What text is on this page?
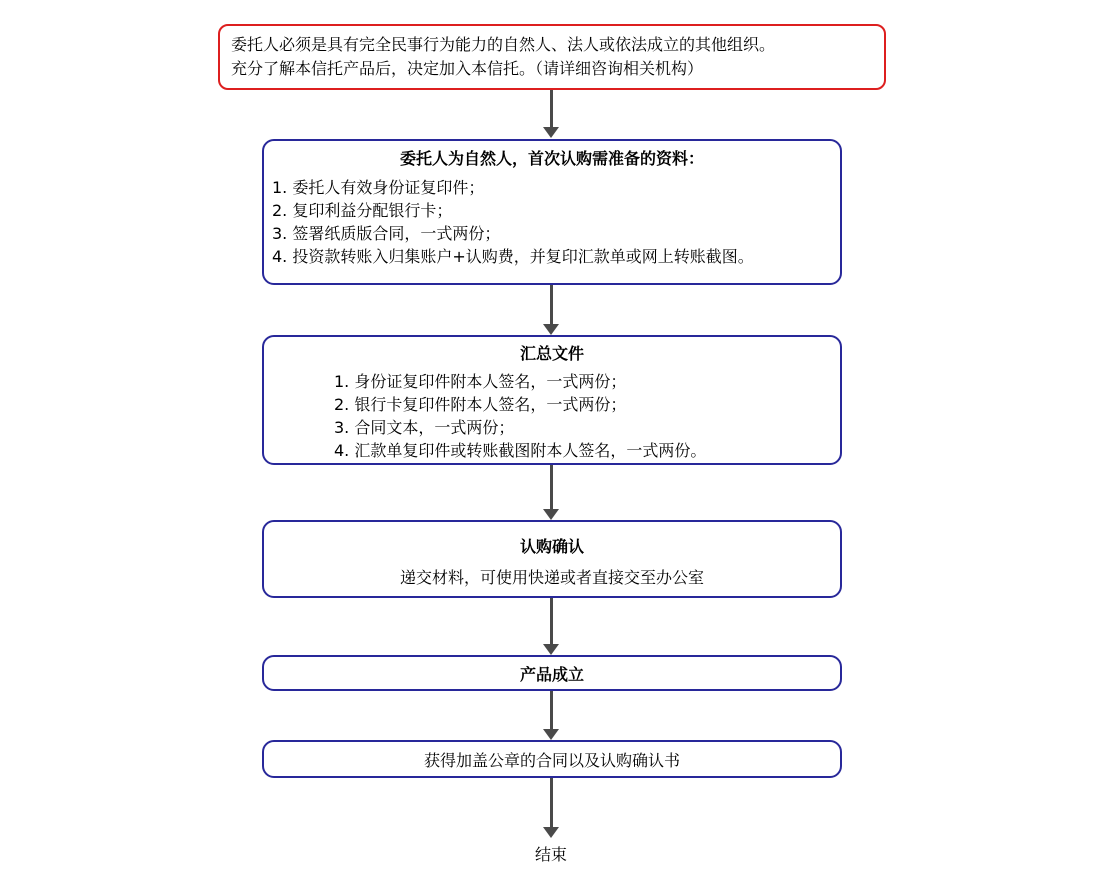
委托人必须是具有完全民事行为能力的自然人、法人或依法成立的其他组织。
充分了解本信托产品后，决定加入本信托。（请详细咨询相关机构）
委托人为自然人，首次认购需准备的资料：
1. 委托人有效身份证复印件；
2. 复印利益分配银行卡；
3. 签署纸质版合同，一式两份；
4. 投资款转账入归集账户+认购费，并复印汇款单或网上转账截图。
汇总文件
1. 身份证复印件附本人签名，一式两份；
2. 银行卡复印件附本人签名，一式两份；
3. 合同文本，一式两份；
4. 汇款单复印件或转账截图附本人签名，一式两份。
认购确认
递交材料，可使用快递或者直接交至办公室
产品成立
获得加盖公章的合同以及认购确认书
结束
